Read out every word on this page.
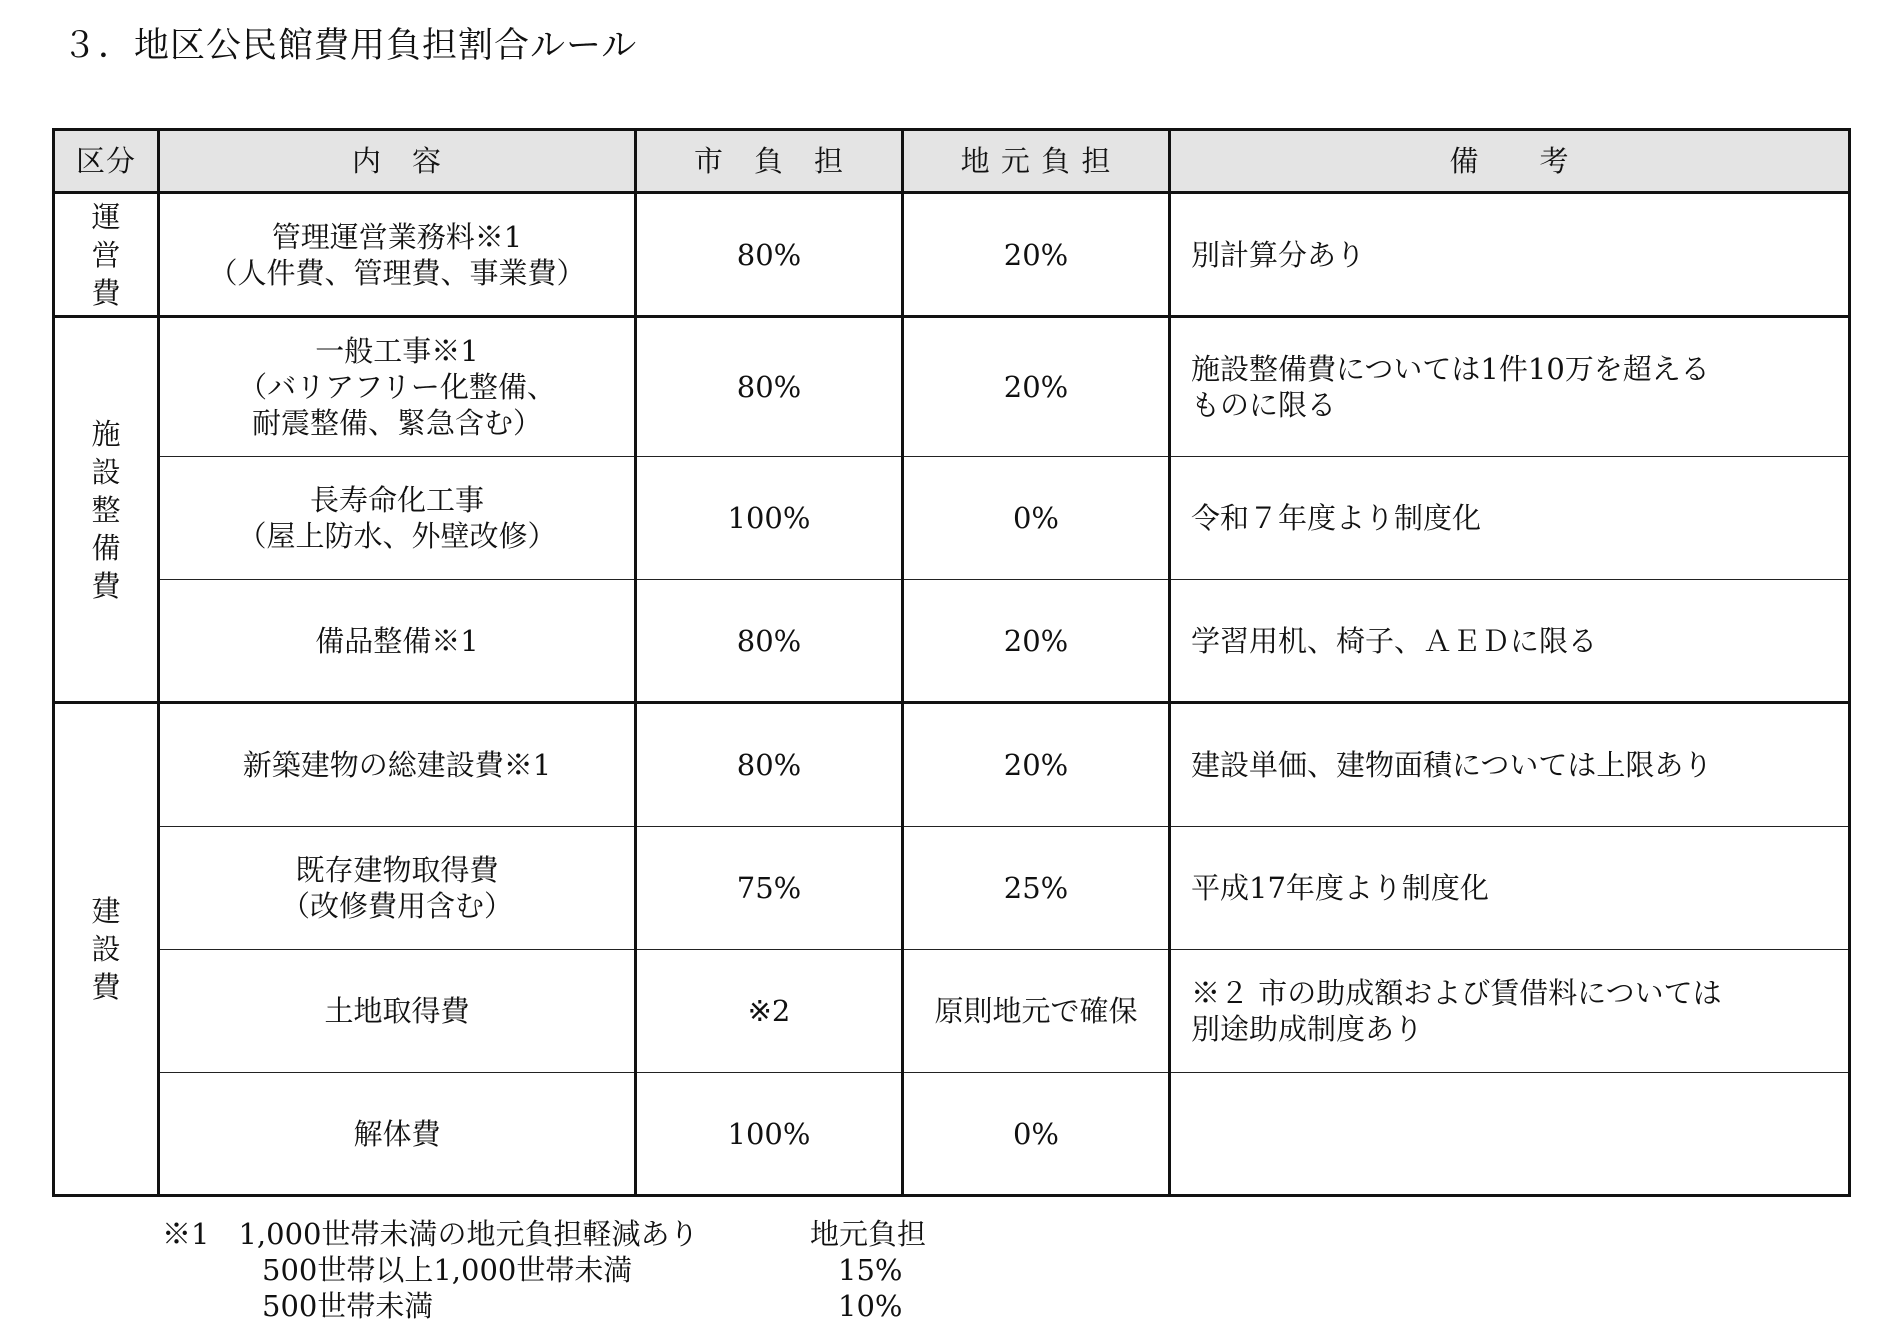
３．地区公民館費用負担割合ルール
区分	内　容	市　負　担	地 元 負 担	備　　考
運営費	管理運営業務料※1
（人件費、管理費、事業費）	80%	20%	別計算分あり
施設整備費	一般工事※1
（バリアフリー化整備、
耐震整備、緊急含む）	80%	20%	施設整備費については1件10万を超える
ものに限る
	長寿命化工事
（屋上防水、外壁改修）	100%	0%	令和７年度より制度化
	備品整備※1	80%	20%	学習用机、椅子、ＡＥＤに限る
建設費	新築建物の総建設費※1	80%	20%	建設単価、建物面積については上限あり
	既存建物取得費
（改修費用含む）	75%	25%	平成17年度より制度化
	土地取得費	※2	原則地元で確保	※２ 市の助成額および賃借料については
別途助成制度あり
	解体費	100%	0%	
※1　1,000世帯未満の地元負担軽減あり	地元負担
500世帯以上1,000世帯未満	15%
500世帯未満	10%
